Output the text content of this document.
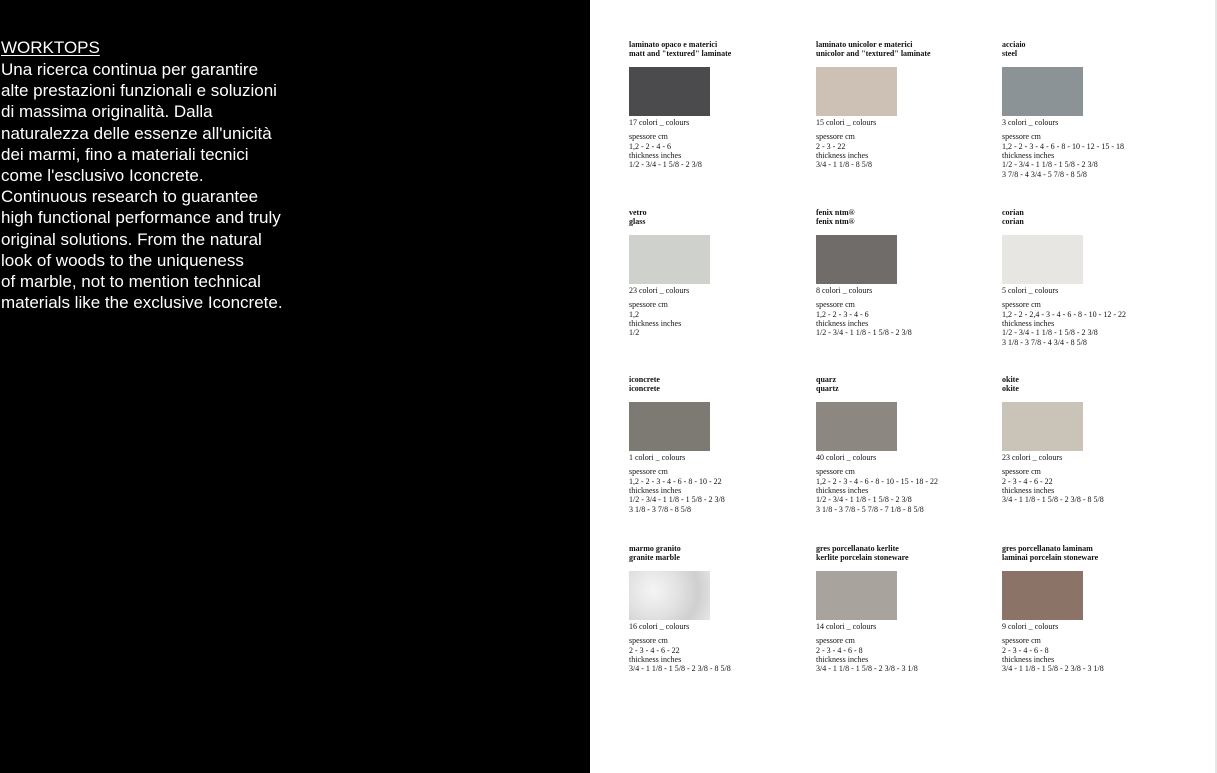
WORKTOPS
Una ricerca continua per garantire
alte prestazioni funzionali e soluzioni
di massima originalità. Dalla
naturalezza delle essenze all'unicità
dei marmi, fino a materiali tecnici
come l'esclusivo Iconcrete.
Continuous research to guarantee
high functional performance and truly
original solutions. From the natural
look of woods to the uniqueness
of marble, not to mention technical
materials like the exclusive Iconcrete.
laminato opaco e materici
matt and "textured" laminate
17 colori _ colours
spessore cm
1,2 - 2 - 4 - 6
thickness inches
1/2 - 3/4 - 1 5/8 - 2 3/8
laminato unicolor e materici
unicolor and "textured" laminate
15 colori _ colours
spessore cm
2 - 3 - 22
thickness inches
3/4 - 1 1/8 - 8 5/8
acciaio
steel
3 colori _ colours
spessore cm
1,2 - 2 - 3 - 4 - 6 - 8 - 10 - 12 - 15 - 18
thickness inches
1/2 - 3/4 - 1 1/8 - 1 5/8 - 2 3/8
3 7/8 - 4 3/4 - 5 7/8 - 8 5/8
vetro
glass
23 colori _ colours
spessore cm
1,2
thickness inches
1/2
fenix ntm®
fenix ntm®
8 colori _ colours
spessore cm
1,2 - 2 - 3 - 4 - 6
thickness inches
1/2 - 3/4 - 1 1/8 - 1 5/8 - 2 3/8
corian
corian
5 colori _ colours
spessore cm
1,2 - 2 - 2,4 - 3 - 4 - 6 - 8 - 10 - 12 - 22
thickness inches
1/2 - 3/4 - 1 1/8 - 1 5/8 - 2 3/8
3 1/8 - 3 7/8 - 4 3/4 - 8 5/8
iconcrete
iconcrete
1 colori _ colours
spessore cm
1,2 - 2 - 3 - 4 - 6 - 8 - 10 - 22
thickness inches
1/2 - 3/4 - 1 1/8 - 1 5/8 - 2 3/8
3 1/8 - 3 7/8 - 8 5/8
quarz
quartz
40 colori _ colours
spessore cm
1,2 - 2 - 3 - 4 - 6 - 8 - 10 - 15 - 18 - 22
thickness inches
1/2 - 3/4 - 1 1/8 - 1 5/8 - 2 3/8
3 1/8 - 3 7/8 - 5 7/8 - 7 1/8 - 8 5/8
okite
okite
23 colori _ colours
spessore cm
2 - 3 - 4 - 6 - 22
thickness inches
3/4 - 1 1/8 - 1 5/8 - 2 3/8 - 8 5/8
marmo granito
granite marble
16 colori _ colours
spessore cm
2 - 3 - 4 - 6 - 22
thickness inches
3/4 - 1 1/8 - 1 5/8 - 2 3/8 - 8 5/8
gres porcellanato kerlite
kerlite porcelain stoneware
14 colori _ colours
spessore cm
2 - 3 - 4 - 6 - 8
thickness inches
3/4 - 1 1/8 - 1 5/8 - 2 3/8 - 3 1/8
gres porcellanato laminam
laminai porcelain stoneware
9 colori _ colours
spessore cm
2 - 3 - 4 - 6 - 8
thickness inches
3/4 - 1 1/8 - 1 5/8 - 2 3/8 - 3 1/8
